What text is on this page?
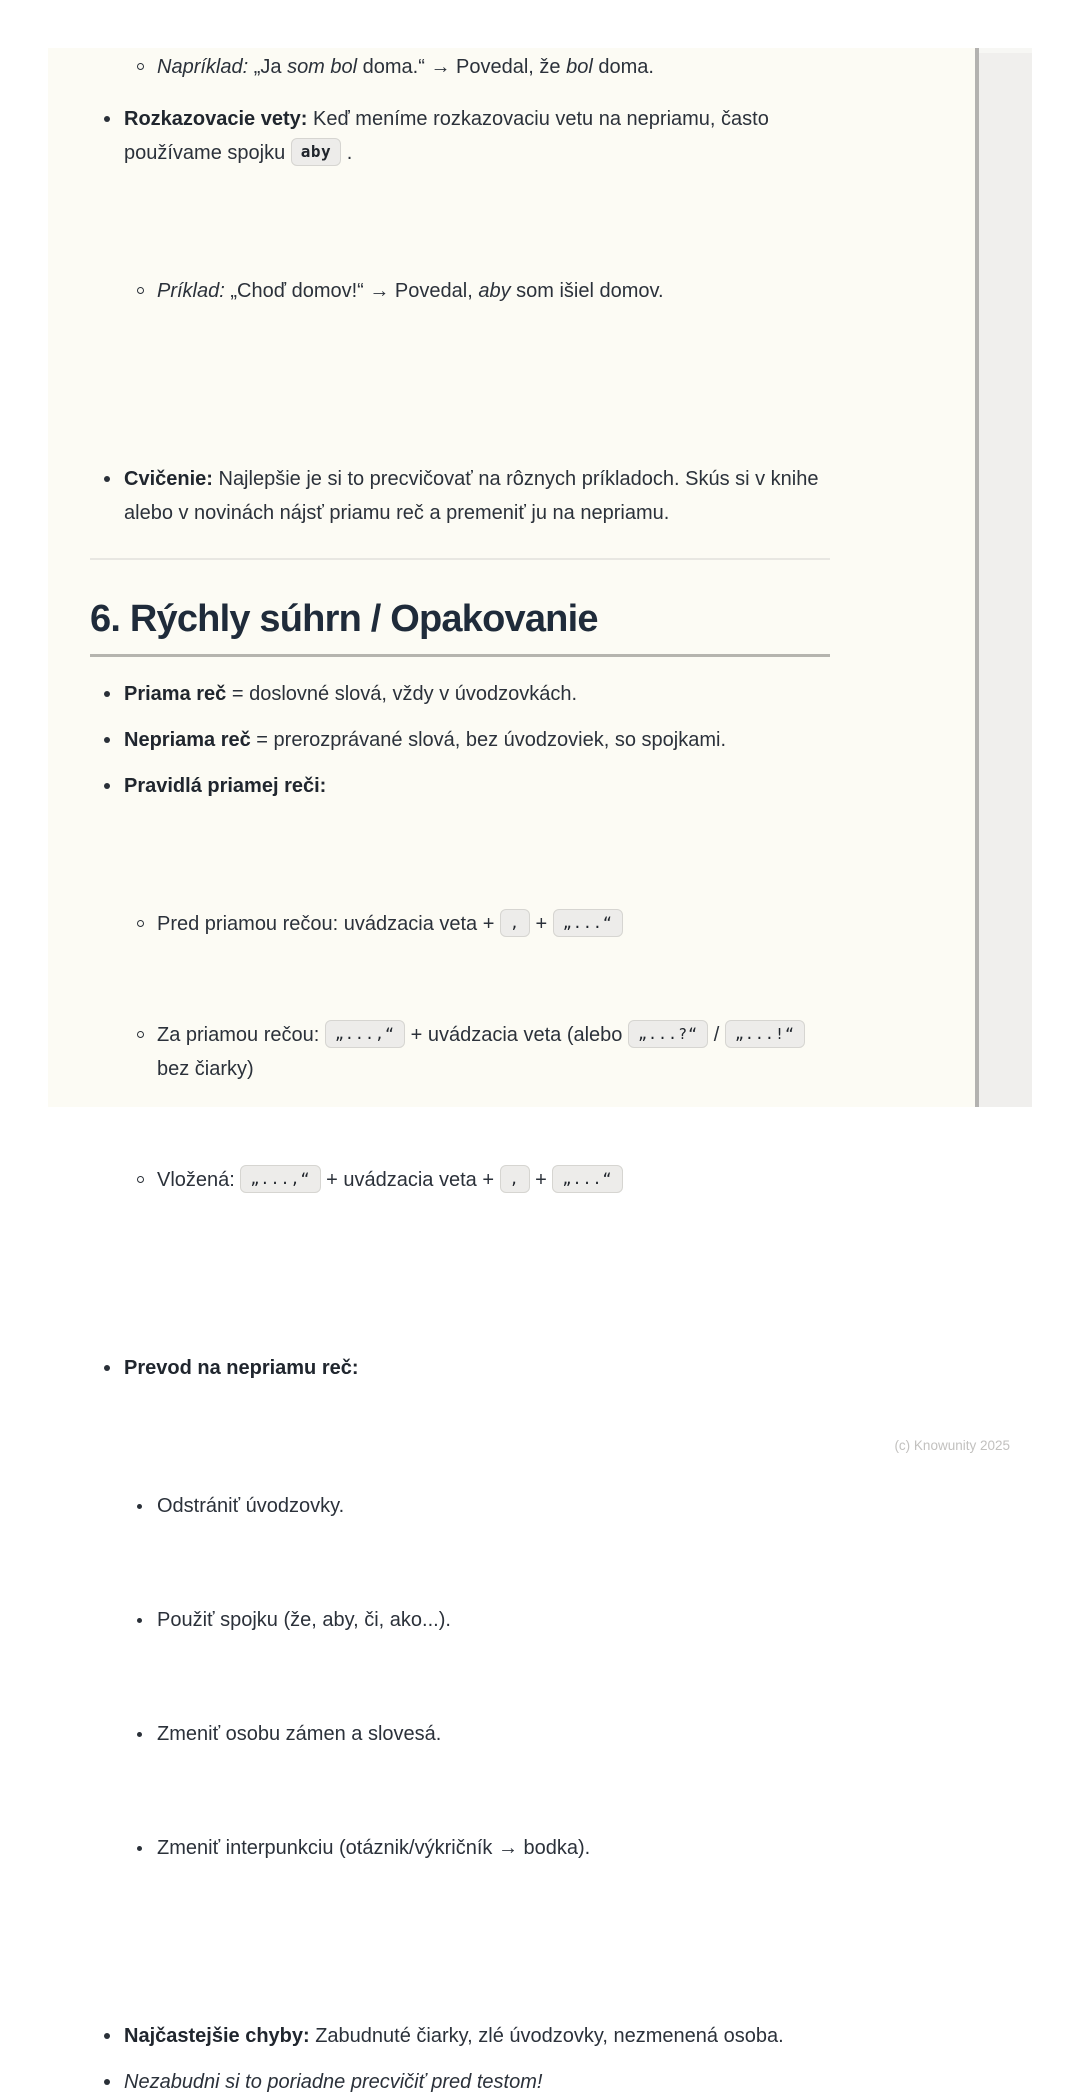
Napríklad: „Ja som bol doma.“ → Povedal, že bol doma.
Rozkazovacie vety: Keď meníme rozkazovaciu vetu na nepriamu, často používame spojku aby .

Príklad: „Choď domov!“ → Povedal, aby som išiel domov.

Cvičenie: Najlepšie je si to precvičovať na rôznych príkladoch. Skús si v knihe alebo v novinách nájsť priamu reč a premeniť ju na nepriamu.
6. Rýchly súhrn / Opakovanie
Priama reč = doslovné slová, vždy v úvodzovkách.
Nepriama reč = prerozprávané slová, bez úvodzoviek, so spojkami.
Pravidlá priamej reči:

Pred priamou rečou: uvádzacia veta + , + „...“

Za priamou rečou: „...,“ + uvádzacia veta (alebo „...?“ / „...!“ bez čiarky)

Vložená: „...,“ + uvádzacia veta + , + „...“

Prevod na nepriamu reč:

Odstrániť úvodzovky.

Použiť spojku (že, aby, či, ako...).

Zmeniť osobu zámen a slovesá.

Zmeniť interpunkciu (otáznik/výkričník → bodka).

Najčastejšie chyby: Zabudnuté čiarky, zlé úvodzovky, nezmenená osoba.
Nezabudni si to poriadne precvičiť pred testom!
(c) Knowunity 2025
